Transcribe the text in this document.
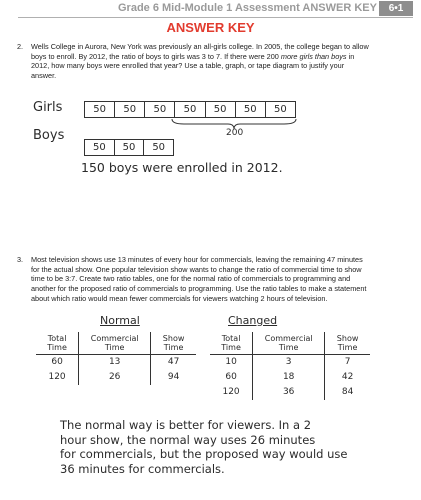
Grade 6 Mid-Module 1 Assessment ANSWER KEY	6•1
ANSWER KEY
2. Wells College in Aurora, New York was previously an all-girls college. In 2005, the college began to allow
boys to enroll. By 2012, the ratio of boys to girls was 3 to 7. If there were 200 more girls than boys in
2012, how many boys were enrolled that year? Use a table, graph, or tape diagram to justify your
answer.
Girls	50	50	50	50	50	50	50
200
Boys
50	50	50
150 boys were enrolled in 2012.
3. Most television shows use 13 minutes of every hour for commercials, leaving the remaining 47 minutes
for the actual show. One popular television show wants to change the ratio of commercial time to show
time to be 3:7. Create two ratio tables, one for the normal ratio of commercials to programming and
another for the proposed ratio of commercials to programming. Use the ratio tables to make a statement
about which ratio would mean fewer commercials for viewers watching 2 hours of television.
Normal
Total Time	Commercial Time	Show Time
60	13	47
120	26	94
Changed
Total Time	Commercial Time	Show Time
10	3	7
60	18	42
120	36	84
The normal way is better for viewers. In a 2
hour show, the normal way uses 26 minutes
for commercials, but the proposed way would use
36 minutes for commercials.
